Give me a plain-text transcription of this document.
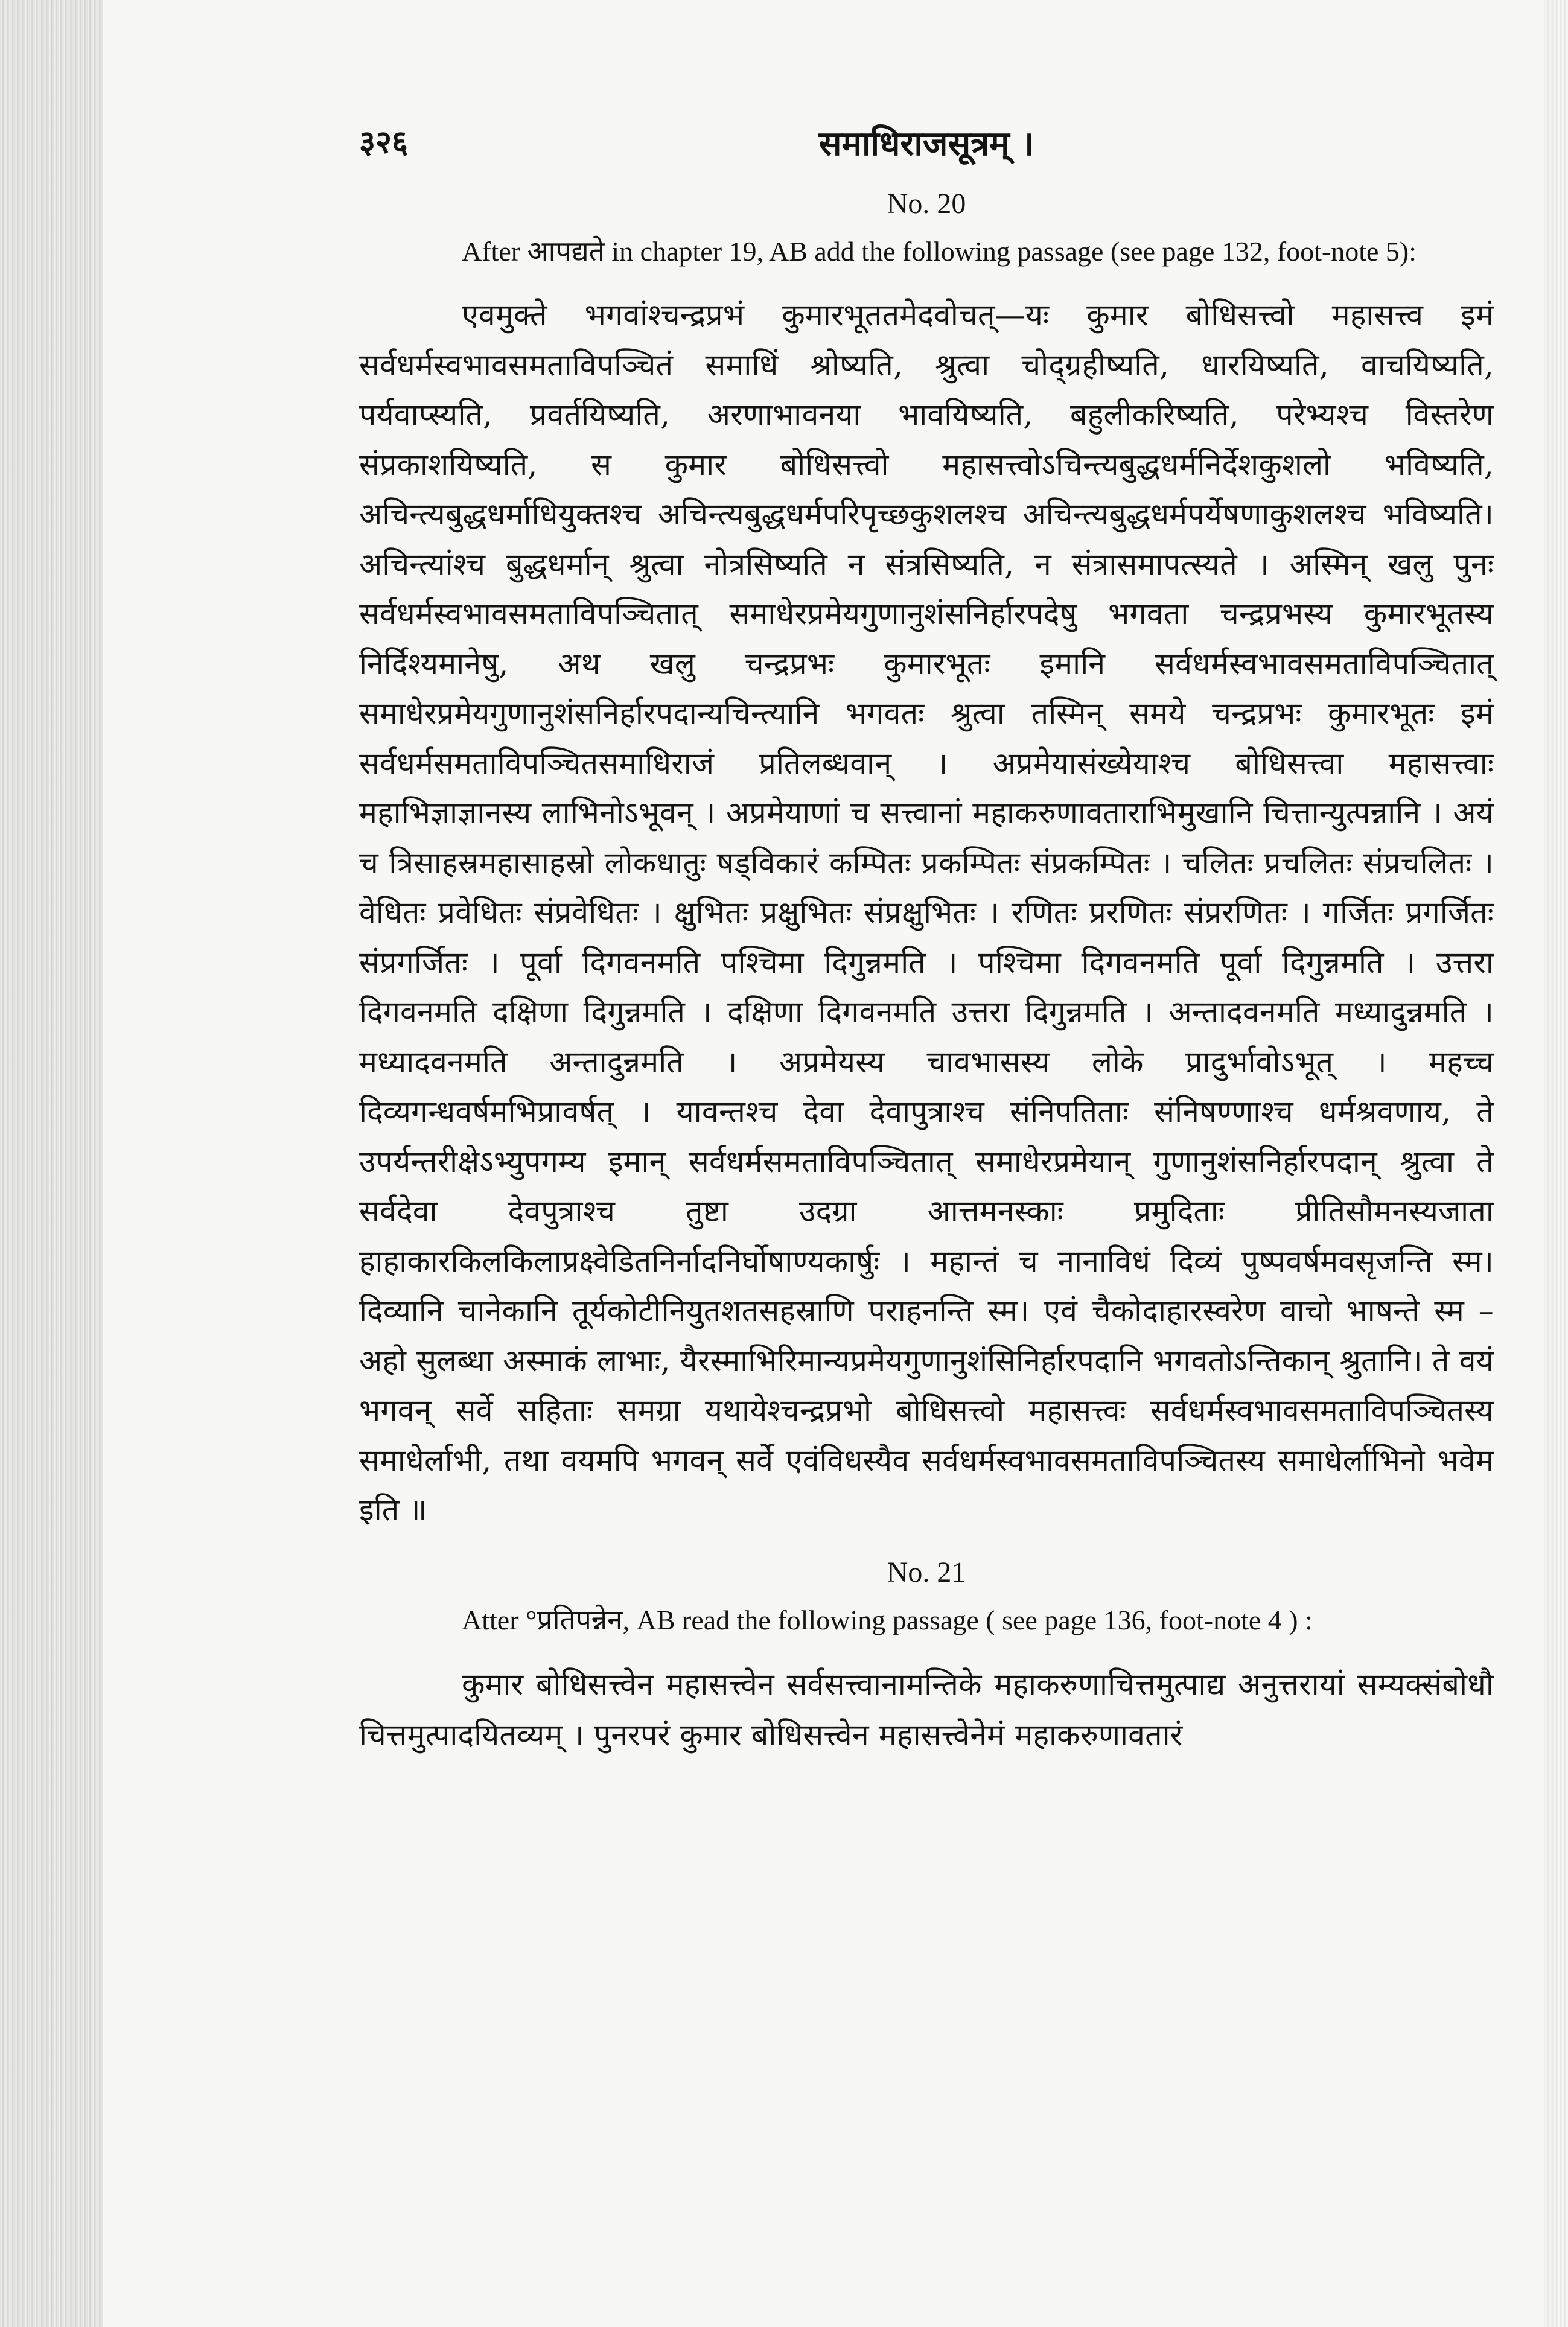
३२६	समाधिराजसूत्रम् ।
No. 20

After आपद्यते in chapter 19, AB add the following passage (see page 132, foot-note 5):

एवमुक्ते भगवांश्चन्द्रप्रभं कुमारभूततमेदवोचत्—यः कुमार बोधिसत्त्वो महासत्त्व इमं सर्वधर्मस्वभावसमताविपञ्चितं समाधिं श्रोष्यति, श्रुत्वा चोद्ग्रहीष्यति, धारयिष्यति, वाचयिष्यति, पर्यवाप्स्यति, प्रवर्तयिष्यति, अरणाभावनया भावयिष्यति, बहुलीकरिष्यति, परेभ्यश्च विस्तरेण संप्रकाशयिष्यति, स कुमार बोधिसत्त्वो महासत्त्वोऽचिन्त्यबुद्धधर्मनिर्देशकुशलो भविष्यति, अचिन्त्यबुद्धधर्माधियुक्तश्च अचिन्त्यबुद्धधर्मपरिपृच्छकुशलश्च अचिन्त्यबुद्धधर्मपर्येषणाकुशलश्च भविष्यति। अचिन्त्यांश्च बुद्धधर्मान् श्रुत्वा नोत्रसिष्यति न संत्रसिष्यति, न संत्रासमापत्स्यते । अस्मिन् खलु पुनः सर्वधर्मस्वभावसमताविपञ्चितात् समाधेरप्रमेयगुणानुशंसनिर्हारपदेषु भगवता चन्द्रप्रभस्य कुमारभूतस्य निर्दिश्यमानेषु, अथ खलु चन्द्रप्रभः कुमारभूतः इमानि सर्वधर्मस्वभावसमताविपञ्चितात् समाधेरप्रमेयगुणानुशंसनिर्हारपदान्यचिन्त्यानि भगवतः श्रुत्वा तस्मिन् समये चन्द्रप्रभः कुमारभूतः इमं सर्वधर्मसमताविपञ्चितसमाधिराजं प्रतिलब्धवान् । अप्रमेयासंख्येयाश्च बोधिसत्त्वा महासत्त्वाः महाभिज्ञाज्ञानस्य लाभिनोऽभूवन् । अप्रमेयाणां च सत्त्वानां महाकरुणावताराभिमुखानि चित्तान्युत्पन्नानि । अयं च त्रिसाहस्रमहासाहस्रो लोकधातुः षड्विकारं कम्पितः प्रकम्पितः संप्रकम्पितः । चलितः प्रचलितः संप्रचलितः । वेधितः प्रवेधितः संप्रवेधितः । क्षुभितः प्रक्षुभितः संप्रक्षुभितः । रणितः प्ररणितः संप्ररणितः । गर्जितः प्रगर्जितः संप्रगर्जितः । पूर्वा दिगवनमति पश्चिमा दिगुन्नमति । पश्चिमा दिगवनमति पूर्वा दिगुन्नमति । उत्तरा दिगवनमति दक्षिणा दिगुन्नमति । दक्षिणा दिगवनमति उत्तरा दिगुन्नमति । अन्तादवनमति मध्यादुन्नमति । मध्यादवनमति अन्तादुन्नमति । अप्रमेयस्य चावभासस्य लोके प्रादुर्भावोऽभूत् । महच्च दिव्यगन्धवर्षमभिप्रावर्षत् । यावन्तश्च देवा देवापुत्राश्च संनिपतिताः संनिषण्णाश्च धर्मश्रवणाय, ते उपर्यन्तरीक्षेऽभ्युपगम्य इमान् सर्वधर्मसमताविपञ्चितात् समाधेरप्रमेयान् गुणानुशंसनिर्हारपदान् श्रुत्वा ते सर्वदेवा देवपुत्राश्च तुष्टा उदग्रा आत्तमनस्काः प्रमुदिताः प्रीतिसौमनस्यजाता हाहाकारकिलकिलाप्रक्ष्वेडितनिर्नादनिर्घोषाण्यकार्षुः । महान्तं च नानाविधं दिव्यं पुष्पवर्षमवसृजन्ति स्म। दिव्यानि चानेकानि तूर्यकोटीनियुतशतसहस्राणि पराहनन्ति स्म। एवं चैकोदाहारस्वरेण वाचो भाषन्ते स्म – अहो सुलब्धा अस्माकं लाभाः, यैरस्माभिरिमान्यप्रमेयगुणानुशंसिनिर्हारपदानि भगवतोऽन्तिकान् श्रुतानि। ते वयं भगवन् सर्वे सहिताः समग्रा यथायेश्चन्द्रप्रभो बोधिसत्त्वो महासत्त्वः सर्वधर्मस्वभावसमताविपञ्चितस्य समाधेर्लाभी, तथा वयमपि भगवन् सर्वे एवंविधस्यैव सर्वधर्मस्वभावसमताविपञ्चितस्य समाधेर्लाभिनो भवेम इति ॥

No. 21

Atter °प्रतिपन्नेन, AB read the following passage ( see page 136, foot-note 4 ) :

कुमार बोधिसत्त्वेन महासत्त्वेन सर्वसत्त्वानामन्तिके महाकरुणाचित्तमुत्पाद्य अनुत्तरायां सम्यक्संबोधौ चित्तमुत्पादयितव्यम् । पुनरपरं कुमार बोधिसत्त्वेन महासत्त्वेनेमं महाकरुणावतारं
